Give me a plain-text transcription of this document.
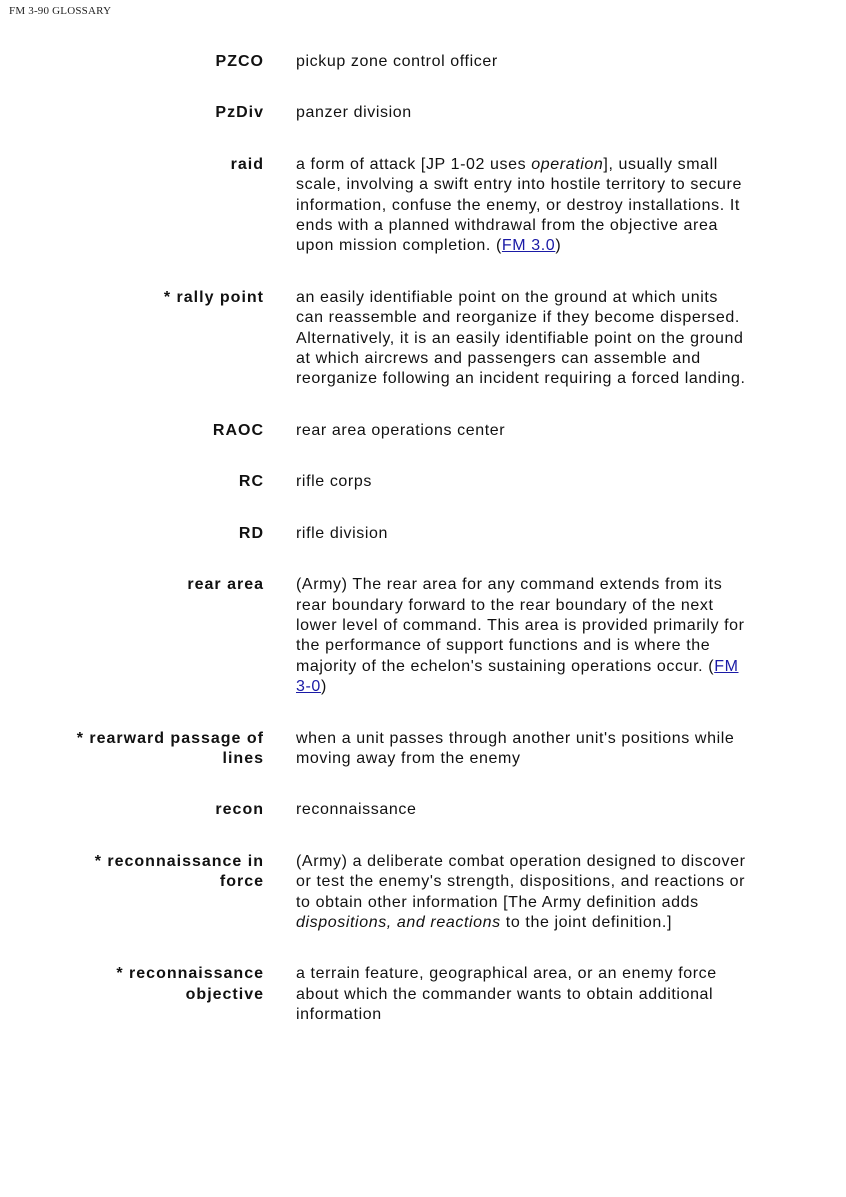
FM 3-90 GLOSSARY
PZCO pickup zone control officer
PzDiv panzer division
raid a form of attack [JP 1-02 uses operation], usually small scale, involving a swift entry into hostile territory to secure information, confuse the enemy, or destroy installations. It ends with a planned withdrawal from the objective area upon mission completion. (FM 3.0)
* rally point an easily identifiable point on the ground at which units can reassemble and reorganize if they become dispersed. Alternatively, it is an easily identifiable point on the ground at which aircrews and passengers can assemble and reorganize following an incident requiring a forced landing.
RAOC rear area operations center
RC rifle corps
RD rifle division
rear area (Army) The rear area for any command extends from its rear boundary forward to the rear boundary of the next lower level of command. This area is provided primarily for the performance of support functions and is where the majority of the echelon's sustaining operations occur. (FM 3-0)
* rearward passage of
lines
when a unit passes through another unit's positions while moving away from the enemy
recon reconnaissance
* reconnaissance in
force
(Army) a deliberate combat operation designed to discover or test the enemy's strength, dispositions, and reactions or to obtain other information [The Army definition adds dispositions, and reactions to the joint definition.]
* reconnaissance
objective
a terrain feature, geographical area, or an enemy force about which the commander wants to obtain additional information
